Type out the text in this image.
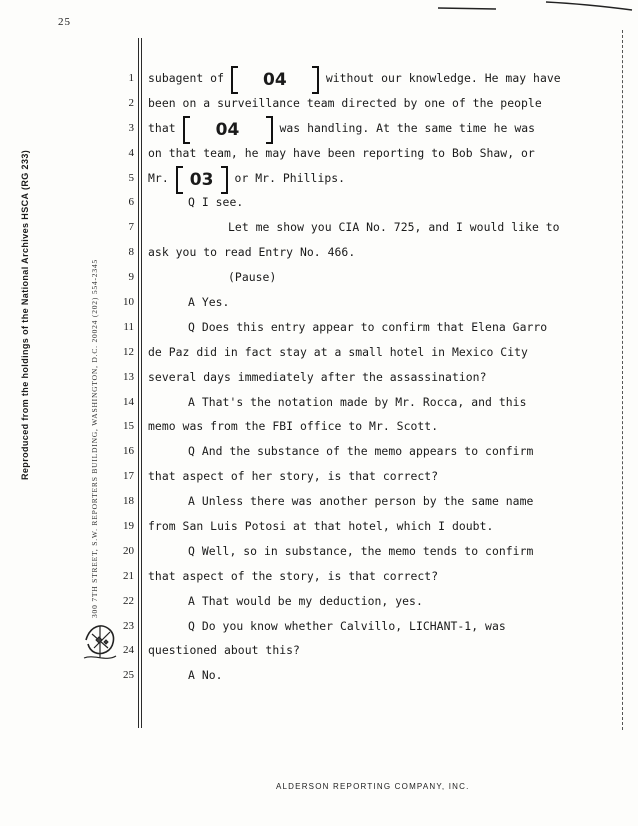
25
Reproduced from the holdings of the National Archives HSCA (RG 233)	300 7TH STREET, S.W. REPORTERS BUILDING, WASHINGTON, D.C. 20024 (202) 554-2345
1
2
3
4
5
6
7
8
9
10
11
12
13
14
15
16
17
18
19
20
21
22
23
24
25
subagent of 04	without our knowledge. He may have
been on a surveillance team directed by one of the people
that 04	was handling. At the same time he was
on that team, he may have been reporting to Bob Shaw, or
Mr. 03 or Mr. Phillips.
Q I see.
Let me show you CIA No. 725, and I would like to
ask you to read Entry No. 466.
(Pause)
A Yes.
Q Does this entry appear to confirm that Elena Garro
de Paz did in fact stay at a small hotel in Mexico City
several days immediately after the assassination?
A That's the notation made by Mr. Rocca, and this
memo was from the FBI office to Mr. Scott.
Q And the substance of the memo appears to confirm
that aspect of her story, is that correct?
A Unless there was another person by the same name
from San Luis Potosi at that hotel, which I doubt.
Q Well, so in substance, the memo tends to confirm
that aspect of the story, is that correct?
A That would be my deduction, yes.
Q Do you know whether Calvillo, LICHANT-1, was
questioned about this?
A No.
ALDERSON REPORTING COMPANY, INC.
